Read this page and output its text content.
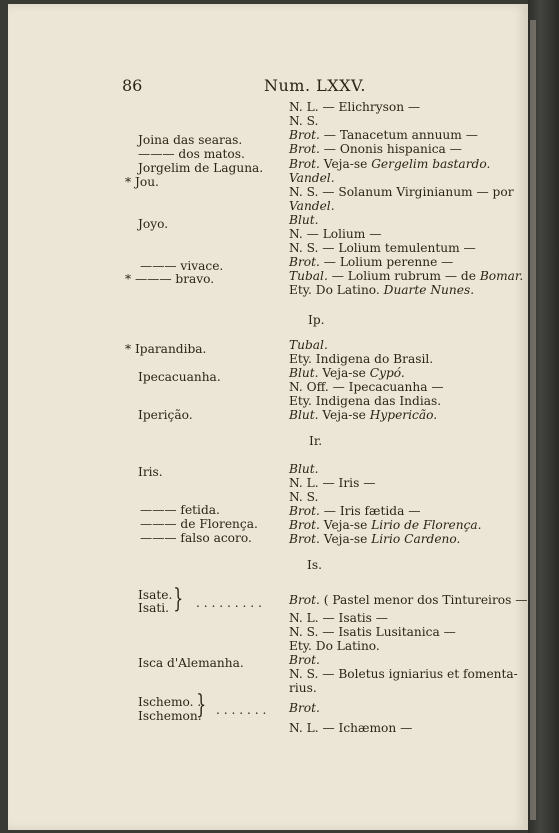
86	Num. LXXV.
N. L. — Elichryson —
N. S.
Brot. — Tanacetum annuum —
Brot. — Ononis hispanica —
Brot. Veja-se Gergelim bastardo.
Vandel.
N. S. — Solanum Virginianum — por
Vandel.
Blut.
N. — Lolium —
N. S. — Lolium temulentum —
Brot. — Lolium perenne —
Tubal. — Lolium rubrum — de Bomar.
Ety. Do Latino. Duarte Nunes.
Tubal.
Ety. Indigena do Brasil.
Blut. Veja-se Cypó.
N. Off. — Ipecacuanha —
Ety. Indigena das Indias.
Blut. Veja-se Hypericão.
Blut.
N. L. — Iris —
N. S.
Brot. — Iris fætida —
Brot. Veja-se Lirio de Florença.
Brot. Veja-se Lirio Cardeno.
Brot. ( Pastel menor dos Tintureiros —
N. L. — Isatis —
N. S. — Isatis Lusitanica —
Ety. Do Latino.
Brot.
N. S. — Boletus igniarius et fomenta-
rius.
Brot.
N. L. — Ichæmon —
Joina das searas.
——— dos matos.
Jorgelim de Laguna.
* Jou.
Joyo.
——— vivace.
* ——— bravo.
* Iparandiba.
Ipecacuanha.
Iperição.
Iris.
——— fetida.
——— de Florença.
——— falso acoro.
Isate.
Isati. . . . . . . . . .
Isca d'Alemanha.
Ischemo. .
Ischemon. . . . . . . .
Ip.
Ir.
Is.
}
}
